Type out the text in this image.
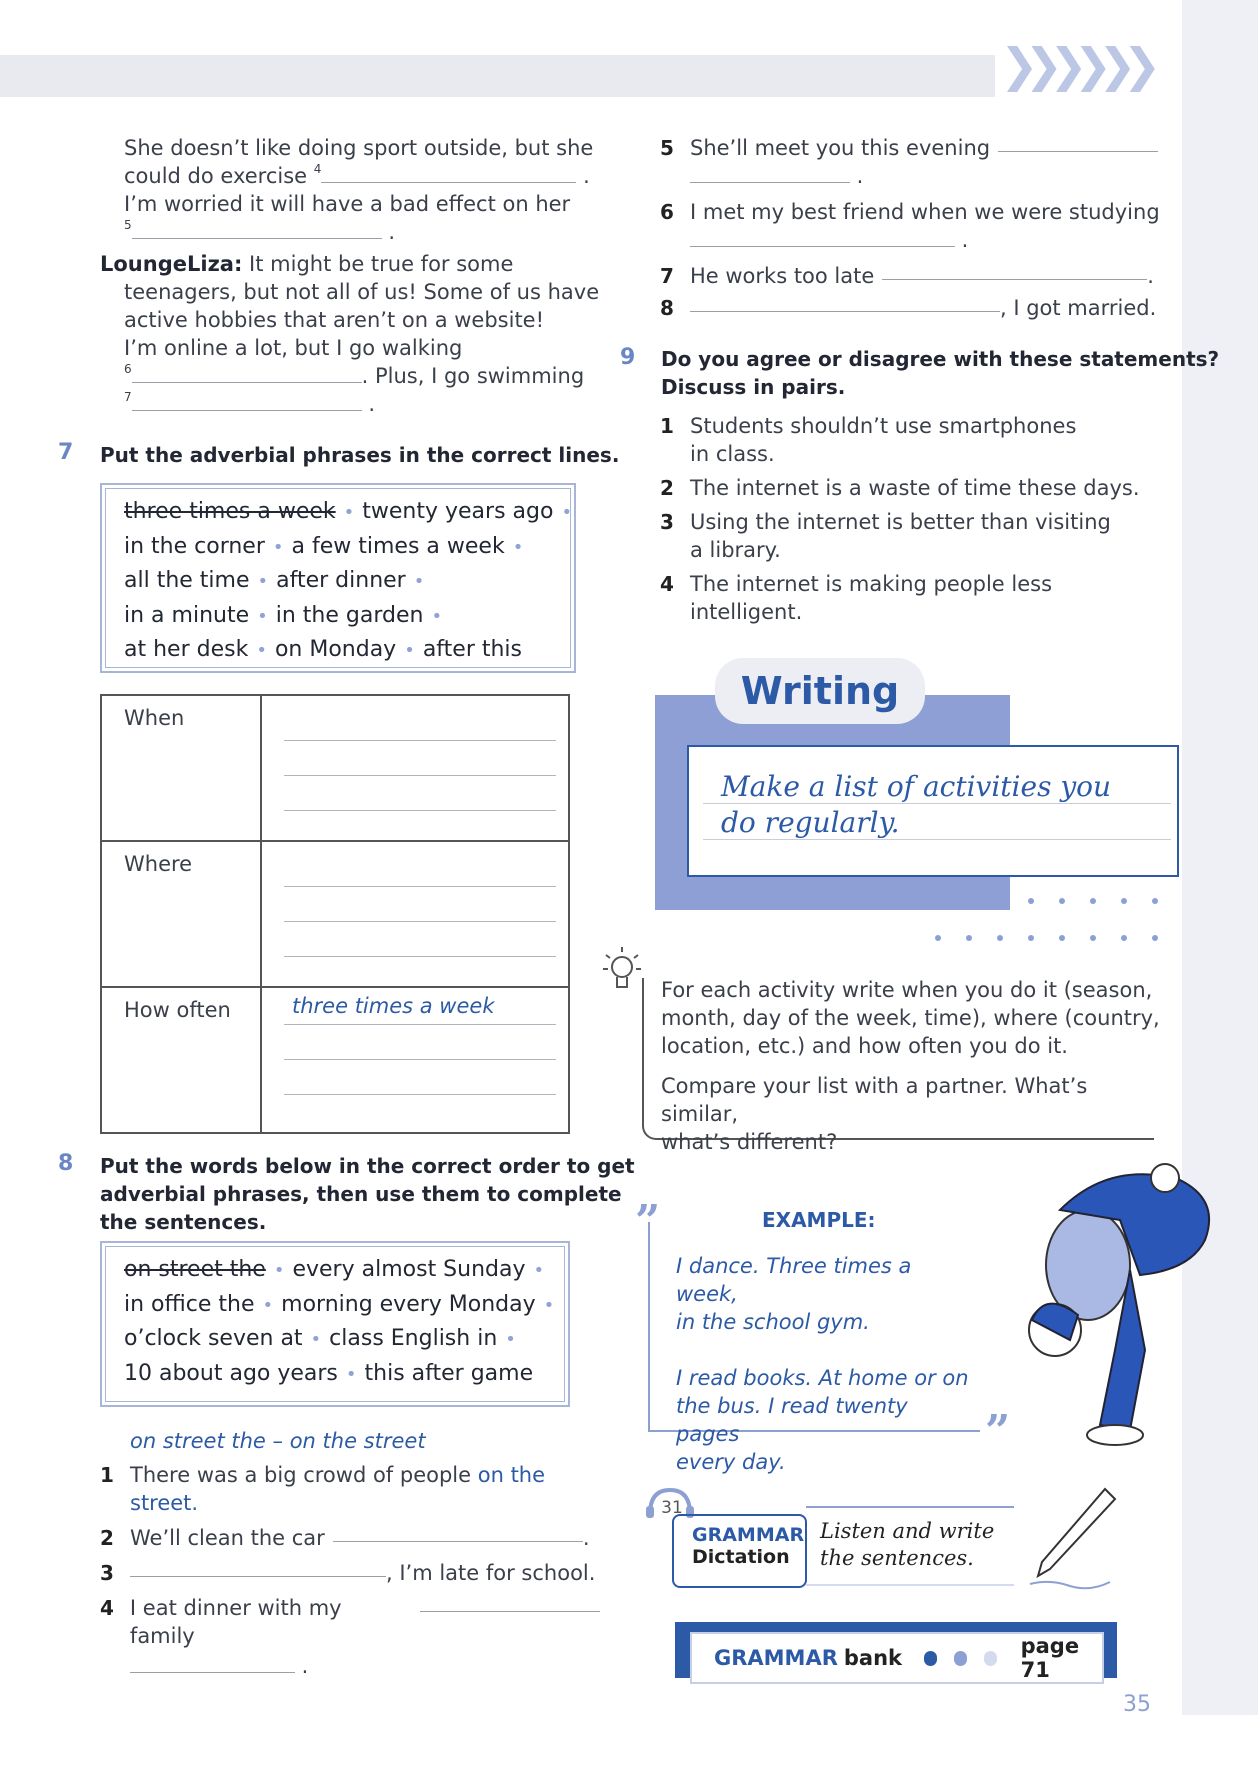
❯❯❯❯❯❯
She doesn’t like doing sport outside, but she
could do exercise $^4$	.
I’m worried it will have a bad effect on her
$^5$	.
LoungeLiza: It might be true for some
teenagers, but not all of us! Some of us have
active hobbies that aren’t on a website!
I’m online a lot, but I go walking
$^6$	. Plus, I go swimming
$^7$	.
7 Put the adverbial phrases in the correct lines.
three times a week • twenty years ago •
in the corner • a few times a week •
all the time • after dinner •
in a minute • in the garden •
at her desk • on Monday • after this
When	

Where	

How often	three times a week
8 Put the words below in the correct order to get
adverbial phrases, then use them to complete
the sentences.
on street the • every almost Sunday •
in office the • morning every Monday •
o’clock seven at • class English in •
10 about ago years • this after game
on street the – on the street
1 There was a big crowd of people on the
street.
2 We’ll clean the car	.
3	, I’m late for school.
4 I eat dinner with my family
.
5 She’ll meet you this evening
.
6 I met my best friend when we were studying
.
7 He works too late	.
8	, I got married.
9 Do you agree or disagree with these statements?
Discuss in pairs.
1 Students shouldn’t use smartphones
in class.
2 The internet is a waste of time these days.
3 Using the internet is better than visiting
a library.
4 The internet is making people less
intelligent.
Writing
Make a list of activities you
do regularly.
For each activity write when you do it (season,
month, day of the week, time), where (country,
location, etc.) and how often you do it.
Compare your list with a partner. What’s similar,
what’s different?
”
”
EXAMPLE:
I dance. Three times a week,
in the school gym.
I read books. At home or on
the bus. I read twenty pages
every day.
31
GRAMMAR
Dictation
Listen and write
the sentences.
GRAMMAR bank	page 71
35
